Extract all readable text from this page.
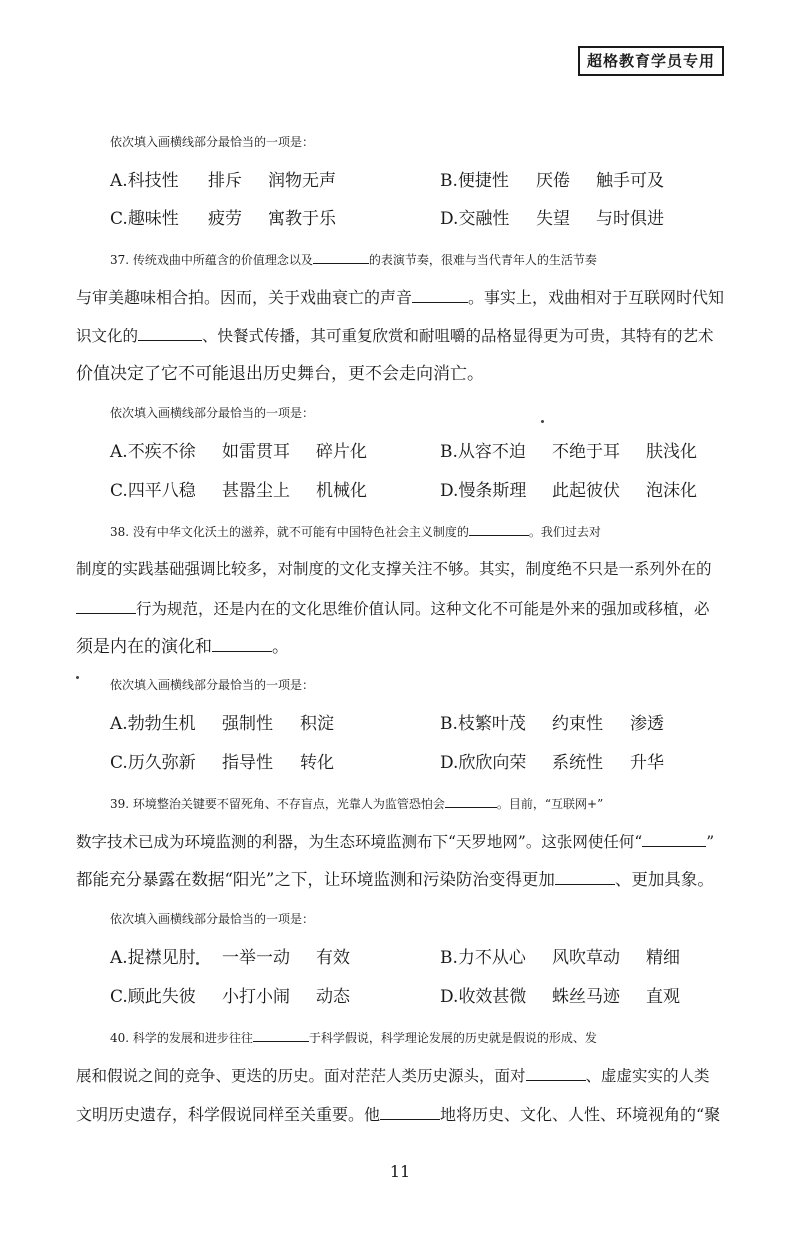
超格教育学员专用
依次填入画横线部分最恰当的一项是：
A.科技性 排斥 润物无声	B.便捷性 厌倦 触手可及
C.趣味性 疲劳 寓教于乐	D.交融性 失望 与时俱进
37. 传统戏曲中所蕴含的价值理念以及	的表演节奏，很难与当代青年人的生活节奏
与审美趣味相合拍。因而，关于戏曲衰亡的声音	。事实上，戏曲相对于互联网时代知
识文化的	、快餐式传播，其可重复欣赏和耐咀嚼的品格显得更为可贵，其特有的艺术
价值决定了它不可能退出历史舞台，更不会走向消亡。
依次填入画横线部分最恰当的一项是：
A.不疾不徐 如雷贯耳 碎片化	B.从容不迫 不绝于耳 肤浅化
C.四平八稳 甚嚣尘上 机械化	D.慢条斯理 此起彼伏 泡沫化
38. 没有中华文化沃土的滋养，就不可能有中国特色社会主义制度的	。我们过去对
制度的实践基础强调比较多，对制度的文化支撑关注不够。其实，制度绝不只是一系列外在的
行为规范，还是内在的文化思维价值认同。这种文化不可能是外来的强加或移植，必
须是内在的演化和	。
依次填入画横线部分最恰当的一项是：
A.勃勃生机 强制性 积淀	B.枝繁叶茂 约束性 渗透
C.历久弥新 指导性 转化	D.欣欣向荣 系统性 升华
39. 环境整治关键要不留死角、不存盲点，光靠人为监管恐怕会	。目前，“互联网+”
数字技术已成为环境监测的利器，为生态环境监测布下“天罗地网”。这张网使任何“	”
都能充分暴露在数据“阳光”之下，让环境监测和污染防治变得更加	、更加具象。
依次填入画横线部分最恰当的一项是：
A.捉襟见肘 一举一动 有效	B.力不从心 风吹草动 精细
C.顾此失彼 小打小闹 动态	D.收效甚微 蛛丝马迹 直观
40. 科学的发展和进步往往	于科学假说，科学理论发展的历史就是假说的形成、发
展和假说之间的竞争、更迭的历史。面对茫茫人类历史源头，面对	、虚虚实实的人类
文明历史遗存，科学假说同样至关重要。他	地将历史、文化、人性、环境视角的“聚
11
